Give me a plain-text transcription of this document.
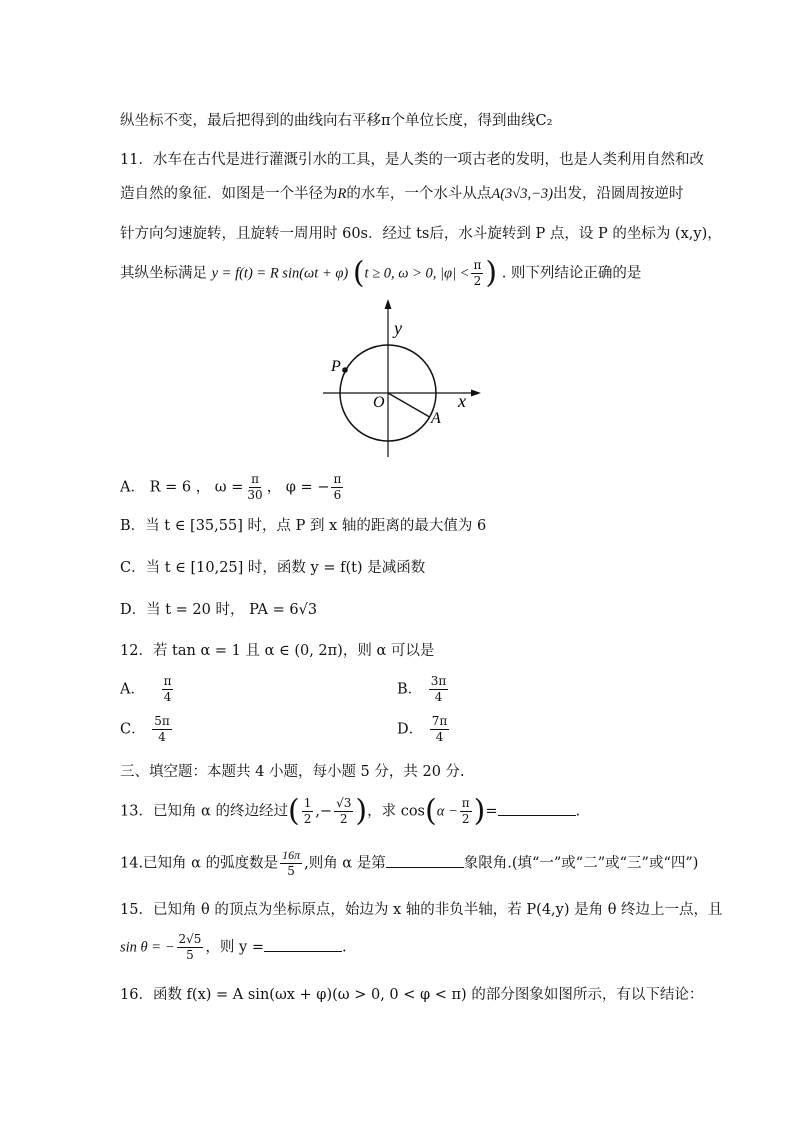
纵坐标不变，最后把得到的曲线向右平移π个单位长度，得到曲线C₂
11．水车在古代是进行灌溉引水的工具，是人类的一项古老的发明，也是人类利用自然和改
造自然的象征．如图是一个半径为R的水车，一个水斗从点A(3√3,−3)出发，沿圆周按逆时
针方向匀速旋转，且旋转一周用时 60s．经过 ts后，水斗旋转到 P 点，设 P 的坐标为 (x,y)，
其纵坐标满足 y = f(t) = R sin(ωt + φ) (t ≥ 0, ω > 0, $|\varphi| < \frac{\pi}{2}$ ) . 则下列结论正确的是
P
O
A
y
x
A． R = 6 ， $\omega = \frac{\pi}{30}$ ， φ = − $\frac{\pi}{6}$
B．当 t ∈ [35,55] 时，点 P 到 x 轴的距离的最大值为 6
C．当 t ∈ [10,25] 时，函数 y = f(t) 是减函数
D．当 t = 20 时， PA = 6√3
12．若 tan α = 1 且 α ∈ (0, 2π)，则 α 可以是
A． $\frac{\pi}{4}$	B． $\frac{3\pi}{4}$
C． $\frac{5\pi}{4}$	D． $\frac{7\pi}{4}$
三、填空题：本题共 4 小题，每小题 5 分，共 20 分.
13．已知角 α 的终边经过( $\frac{1}{2}$ ,− $\frac{√3}{2}$ )，求 $\cos(\alpha - \frac{\pi}{2}$ )=	.
14.已知角 α 的弧度数是 $\frac{16\pi}{5}$ ,则角 α 是第	象限角.(填“一”或“二”或“三”或“四”)
15．已知角 θ 的顶点为坐标原点，始边为 x 轴的非负半轴，若 P(4,y) 是角 θ 终边上一点，且
sin θ = − $\frac{2√5}{5}$ ，则 y =	.
16．函数 f(x) = A sin(ωx + φ)(ω > 0, 0 < φ < π) 的部分图象如图所示，有以下结论：
